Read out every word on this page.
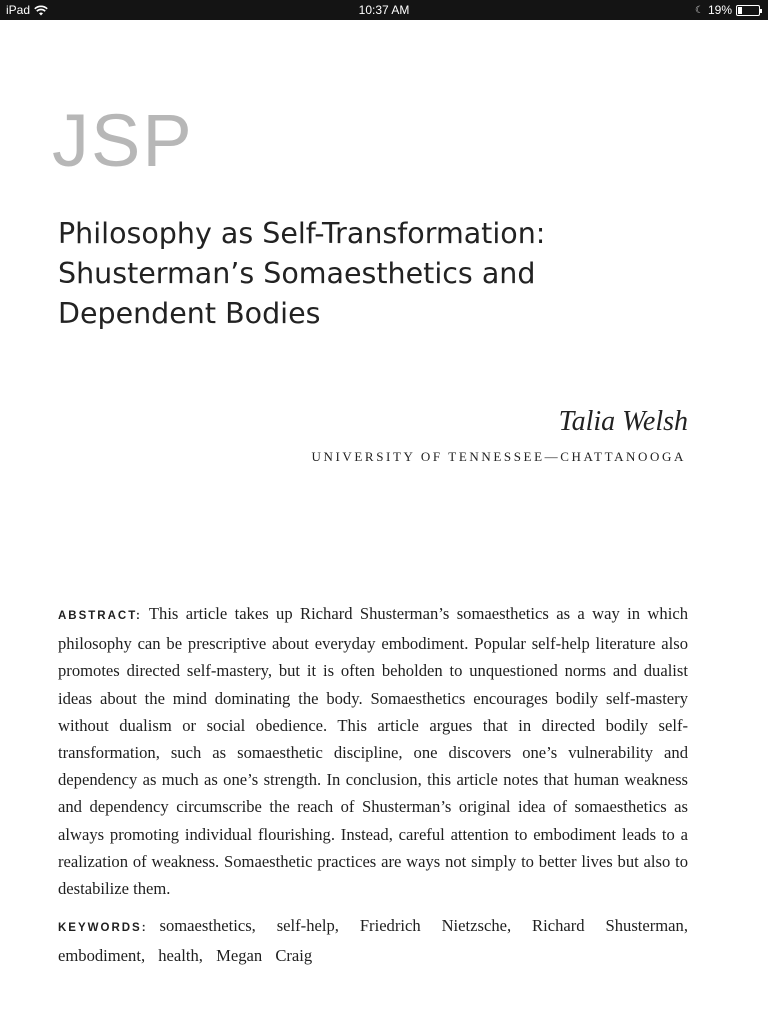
iPad	10:37 AM	☾ 19%
JSP
Philosophy as Self-Transformation:
Shusterman’s Somaesthetics and
Dependent Bodies
Talia Welsh
UNIVERSITY OF TENNESSEE—CHATTANOOGA

ABSTRACT: This article takes up Richard Shusterman’s somaesthetics as a way in which philosophy can be prescriptive about everyday embodiment. Popular self-help literature also promotes directed self-mastery, but it is often beholden to unquestioned norms and dualist ideas about the mind dominating the body. Somaesthetics encourages bodily self-mastery without dualism or social obedience. This article argues that in directed bodily self-transformation, such as somaesthetic discipline, one discovers one’s vulnerability and dependency as much as one’s strength. In conclusion, this article notes that human weakness and dependency circumscribe the reach of Shusterman’s original idea of somaesthetics as always promoting individual flourishing. Instead, careful attention to embodiment leads to a realization of weakness. Somaesthetic practices are ways not simply to better lives but also to destabilize them.

KEYWORDS: somaesthetics, self-help, Friedrich Nietzsche, Richard Shusterman, embodiment, health, Megan Craig
